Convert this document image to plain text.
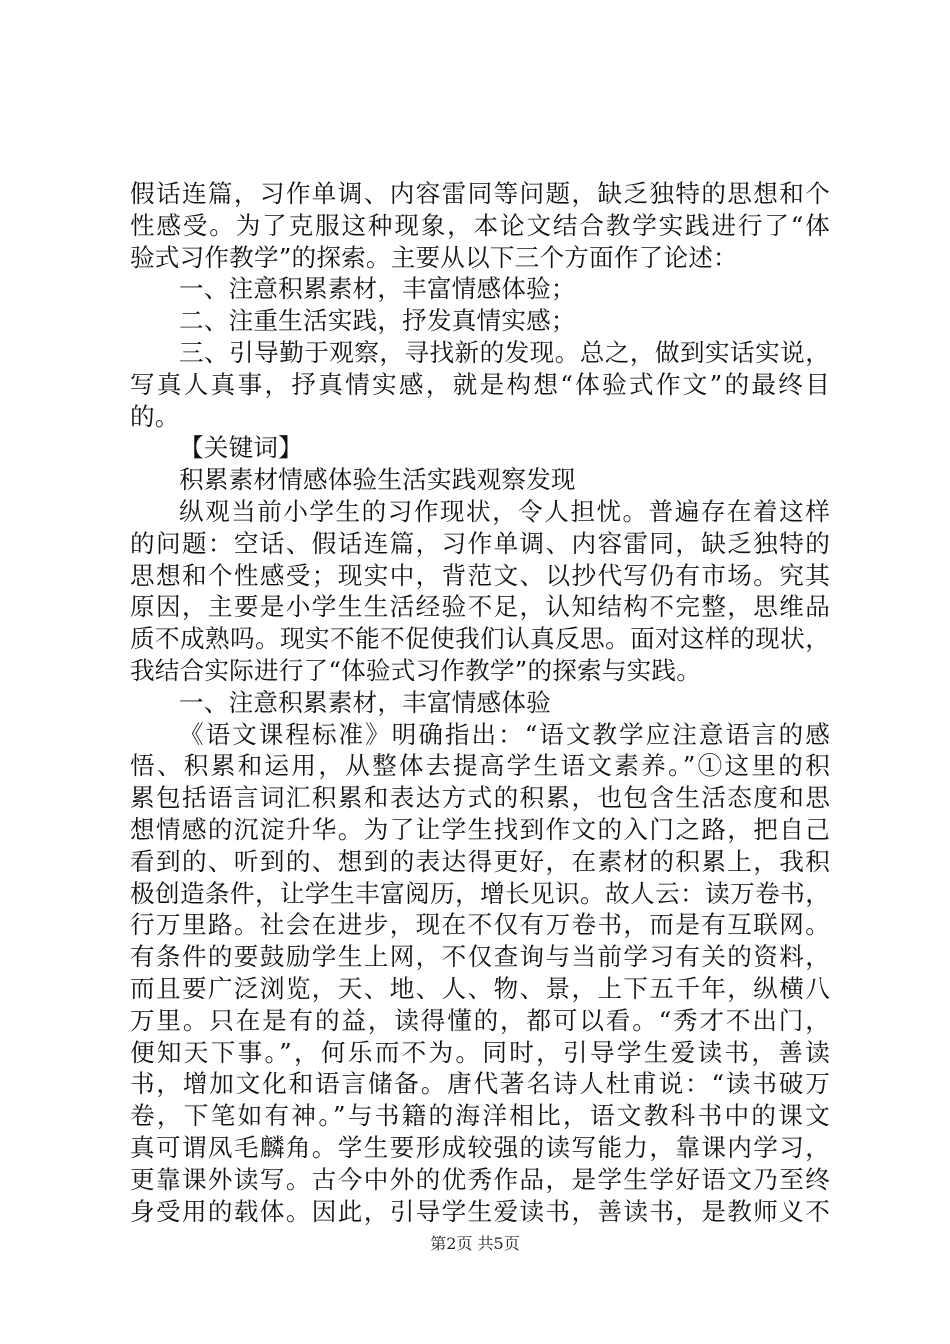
假话连篇，习作单调、内容雷同等问题，缺乏独特的思想和个
性感受。为了克服这种现象，本论文结合教学实践进行了“体
验式习作教学”的探索。主要从以下三个方面作了论述：
一、注意积累素材，丰富情感体验；
二、注重生活实践，抒发真情实感；
三、引导勤于观察，寻找新的发现。总之，做到实话实说，
写真人真事，抒真情实感，就是构想“体验式作文”的最终目
的。
【关键词】
积累素材情感体验生活实践观察发现
纵观当前小学生的习作现状，令人担忧。普遍存在着这样
的问题：空话、假话连篇，习作单调、内容雷同，缺乏独特的
思想和个性感受；现实中，背范文、以抄代写仍有市场。究其
原因，主要是小学生生活经验不足，认知结构不完整，思维品
质不成熟吗。现实不能不促使我们认真反思。面对这样的现状，
我结合实际进行了“体验式习作教学”的探索与实践。
一、注意积累素材，丰富情感体验
《语文课程标准》明确指出：“语文教学应注意语言的感
悟、积累和运用，从整体去提高学生语文素养。”①这里的积
累包括语言词汇积累和表达方式的积累，也包含生活态度和思
想情感的沉淀升华。为了让学生找到作文的入门之路，把自己
看到的、听到的、想到的表达得更好，在素材的积累上，我积
极创造条件，让学生丰富阅历，增长见识。故人云：读万卷书，
行万里路。社会在进步，现在不仅有万卷书，而是有互联网。
有条件的要鼓励学生上网，不仅查询与当前学习有关的资料，
而且要广泛浏览，天、地、人、物、景，上下五千年，纵横八
万里。只在是有的益，读得懂的，都可以看。“秀才不出门，
便知天下事。”，何乐而不为。同时，引导学生爱读书，善读
书，增加文化和语言储备。唐代著名诗人杜甫说：“读书破万
卷，下笔如有神。”与书籍的海洋相比，语文教科书中的课文
真可谓凤毛麟角。学生要形成较强的读写能力，靠课内学习，
更靠课外读写。古今中外的优秀作品，是学生学好语文乃至终
身受用的载体。因此，引导学生爱读书，善读书，是教师义不
第2页 共5页
